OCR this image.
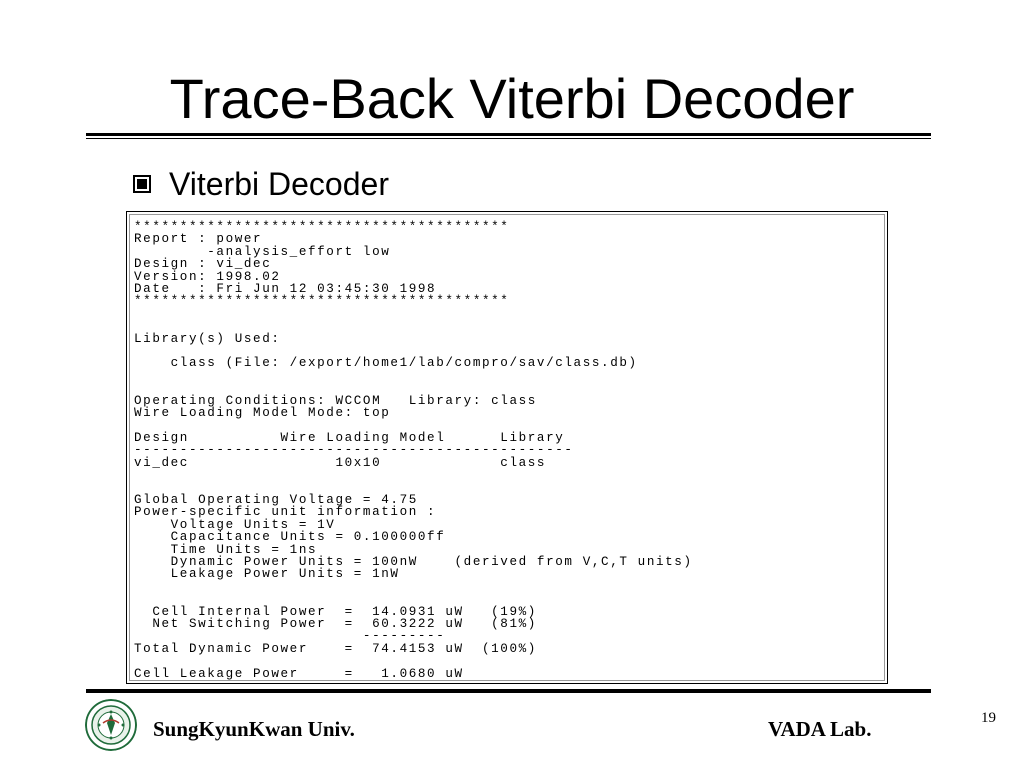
Trace-Back Viterbi Decoder
Viterbi Decoder
*****************************************
Report : power
-analysis_effort low
Design : vi_dec
Version: 1998.02
Date   : Fri Jun 12 03:45:30 1998
*****************************************

Library(s) Used:

class (File: /export/home1/lab/compro/sav/class.db)

Operating Conditions: WCCOM   Library: class
Wire Loading Model Mode: top

Design          Wire Loading Model      Library
------------------------------------------------
vi_dec                10x10             class

Global Operating Voltage = 4.75
Power-specific unit information :
Voltage Units = 1V
Capacitance Units = 0.100000ff
Time Units = 1ns
Dynamic Power Units = 100nW    (derived from V,C,T units)
Leakage Power Units = 1nW

Cell Internal Power  =  14.0931 uW   (19%)
Net Switching Power  =  60.3222 uW   (81%)
---------
Total Dynamic Power    =  74.4153 uW  (100%)

Cell Leakage Power     =   1.0680 uW
SungKyunKwan Univ.	VADA Lab.	19
